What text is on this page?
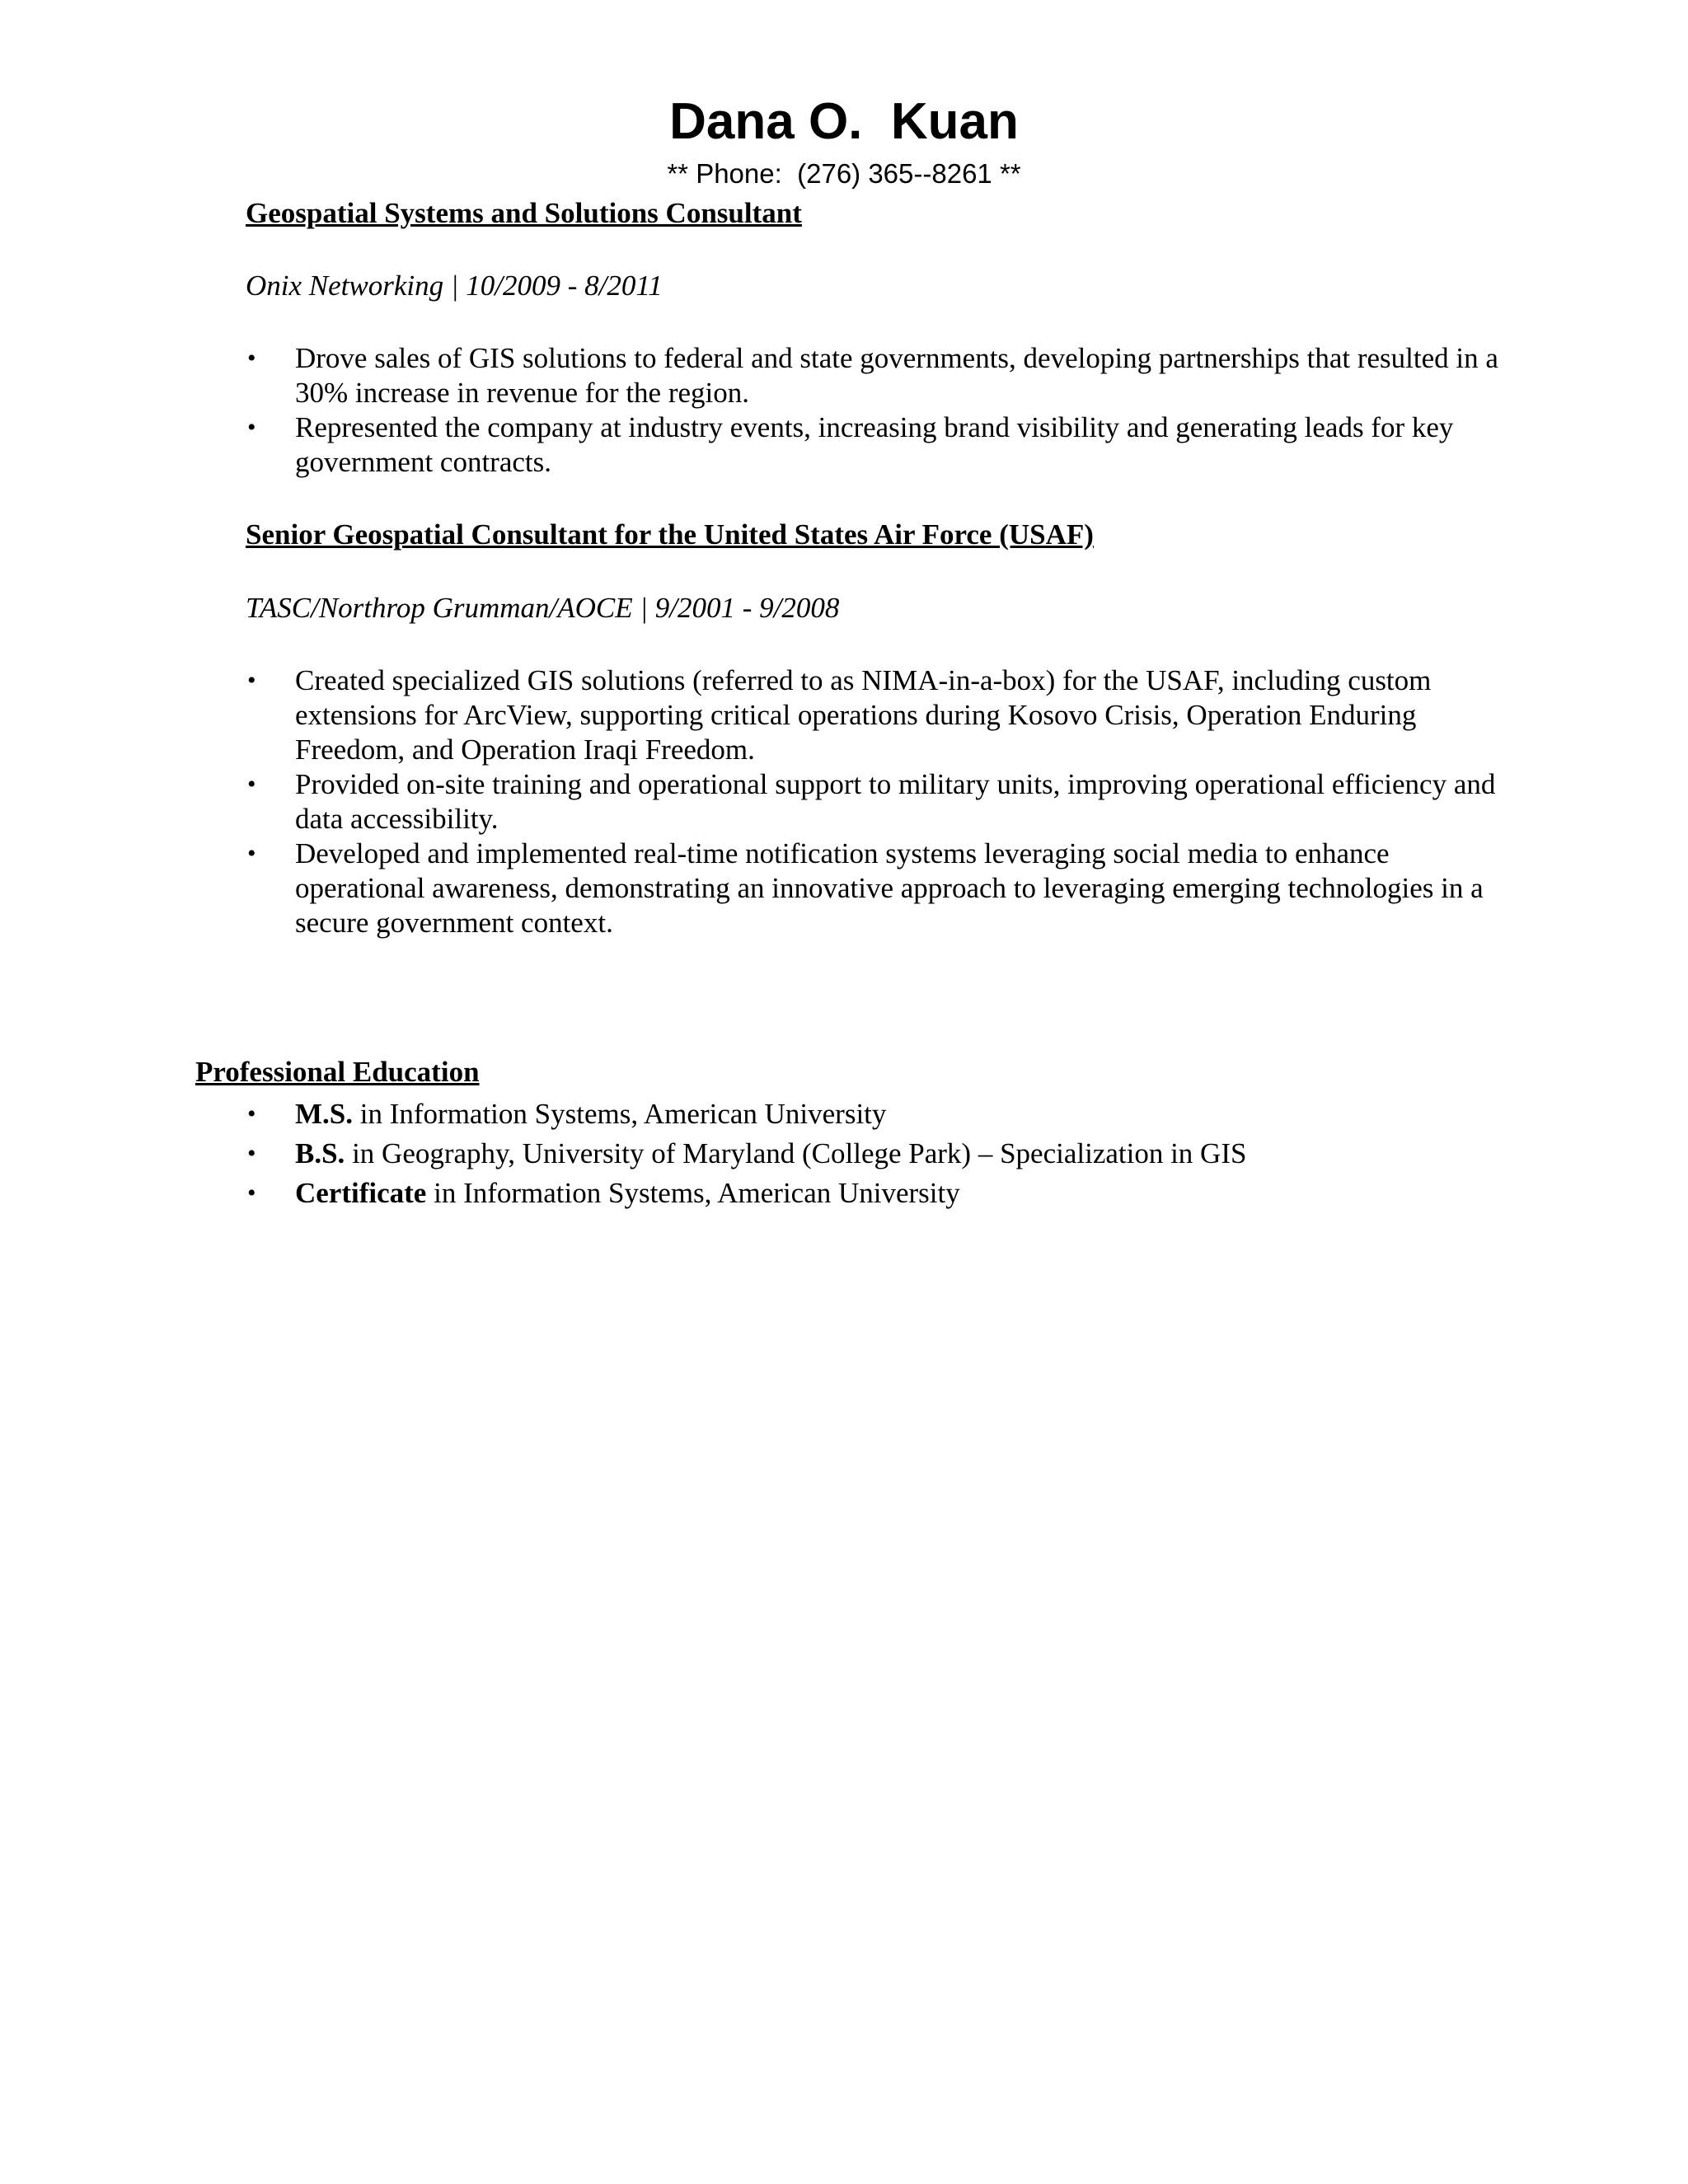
Dana O.  Kuan
** Phone:  (276) 365--8261 **
Geospatial Systems and Solutions Consultant
Onix Networking | 10/2009 - 8/2011
•	Drove sales of GIS solutions to federal and state governments, developing partnerships that resulted in a 30% increase in revenue for the region.
•	Represented the company at industry events, increasing brand visibility and generating leads for key government contracts.
Senior Geospatial Consultant for the United States Air Force (USAF)
TASC/Northrop Grumman/AOCE | 9/2001 - 9/2008
•	Created specialized GIS solutions (referred to as NIMA-in-a-box) for the USAF, including custom extensions for ArcView, supporting critical operations during Kosovo Crisis, Operation Enduring Freedom, and Operation Iraqi Freedom.
•	Provided on-site training and operational support to military units, improving operational efficiency and data accessibility.
•	Developed and implemented real-time notification systems leveraging social media to enhance operational awareness, demonstrating an innovative approach to leveraging emerging technologies in a secure government context.
Professional Education
• M.S. in Information Systems, American University
• B.S. in Geography, University of Maryland (College Park) – Specialization in GIS
• Certificate in Information Systems, American University
